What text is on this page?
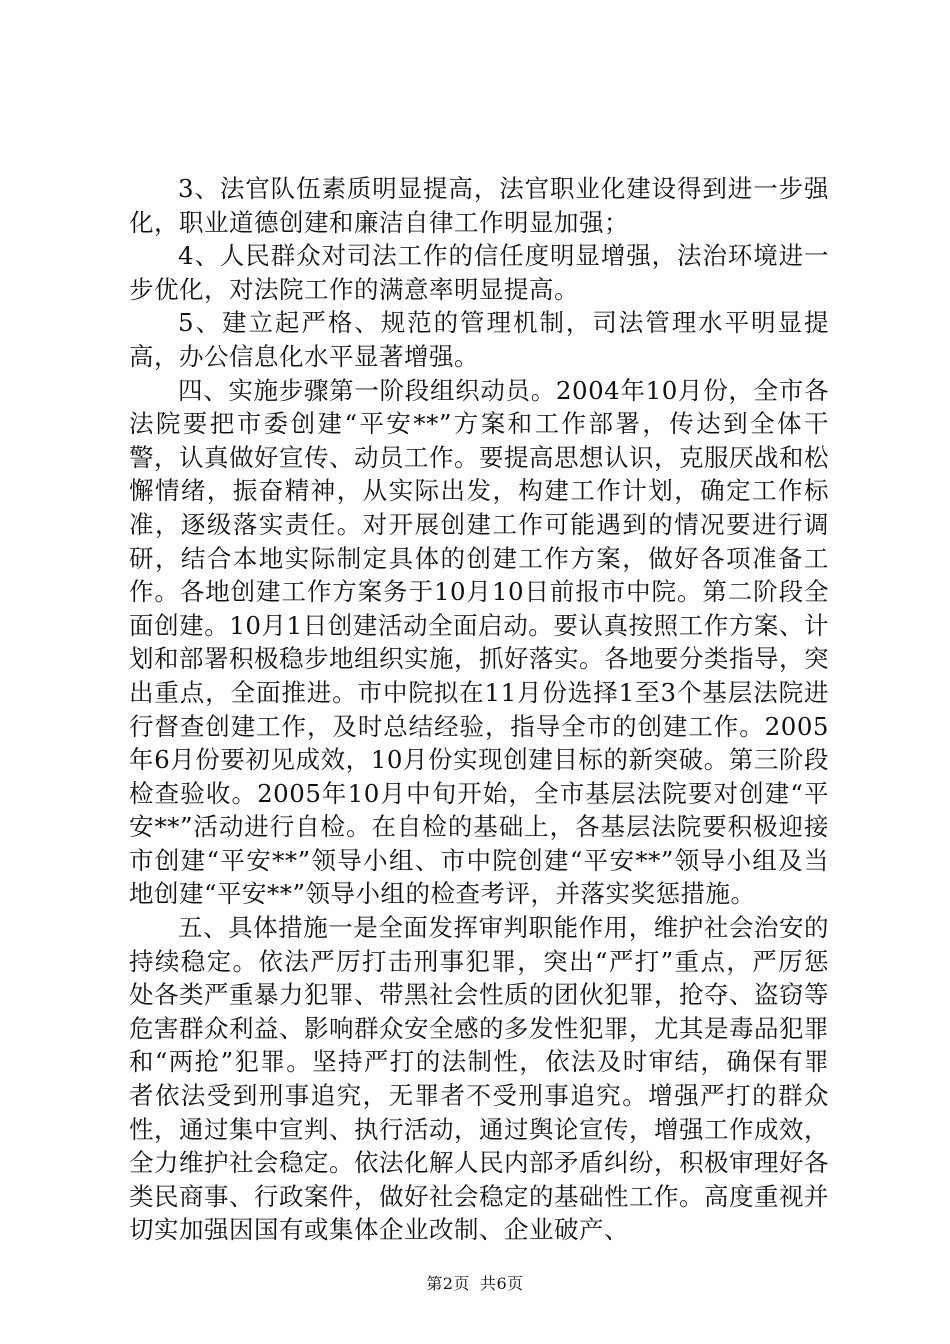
3、法官队伍素质明显提高，法官职业化建设得到进一步强化，职业道德创建和廉洁自律工作明显加强；

4、人民群众对司法工作的信任度明显增强，法治环境进一步优化，对法院工作的满意率明显提高。

5、建立起严格、规范的管理机制，司法管理水平明显提高，办公信息化水平显著增强。

四、实施步骤第一阶段组织动员。2004年10月份，全市各法院要把市委创建“平安**”方案和工作部署，传达到全体干警，认真做好宣传、动员工作。要提高思想认识，克服厌战和松懈情绪，振奋精神，从实际出发，构建工作计划，确定工作标准，逐级落实责任。对开展创建工作可能遇到的情况要进行调研，结合本地实际制定具体的创建工作方案，做好各项准备工作。各地创建工作方案务于10月10日前报市中院。第二阶段全面创建。10月1日创建活动全面启动。要认真按照工作方案、计划和部署积极稳步地组织实施，抓好落实。各地要分类指导，突出重点，全面推进。市中院拟在11月份选择1至3个基层法院进行督查创建工作，及时总结经验，指导全市的创建工作。2005年6月份要初见成效，10月份实现创建目标的新突破。第三阶段检查验收。2005年10月中旬开始，全市基层法院要对创建“平安**”活动进行自检。在自检的基础上，各基层法院要积极迎接市创建“平安**”领导小组、市中院创建“平安**”领导小组及当地创建“平安**”领导小组的检查考评，并落实奖惩措施。

五、具体措施一是全面发挥审判职能作用，维护社会治安的持续稳定。依法严厉打击刑事犯罪，突出“严打”重点，严厉惩处各类严重暴力犯罪、带黑社会性质的团伙犯罪，抢夺、盗窃等危害群众利益、影响群众安全感的多发性犯罪，尤其是毒品犯罪和“两抢”犯罪。坚持严打的法制性，依法及时审结，确保有罪者依法受到刑事追究，无罪者不受刑事追究。增强严打的群众性，通过集中宣判、执行活动，通过舆论宣传，增强工作成效，全力维护社会稳定。依法化解人民内部矛盾纠纷，积极审理好各类民商事、行政案件，做好社会稳定的基础性工作。高度重视并切实加强因国有或集体企业改制、企业破产、

第2页 共6页
